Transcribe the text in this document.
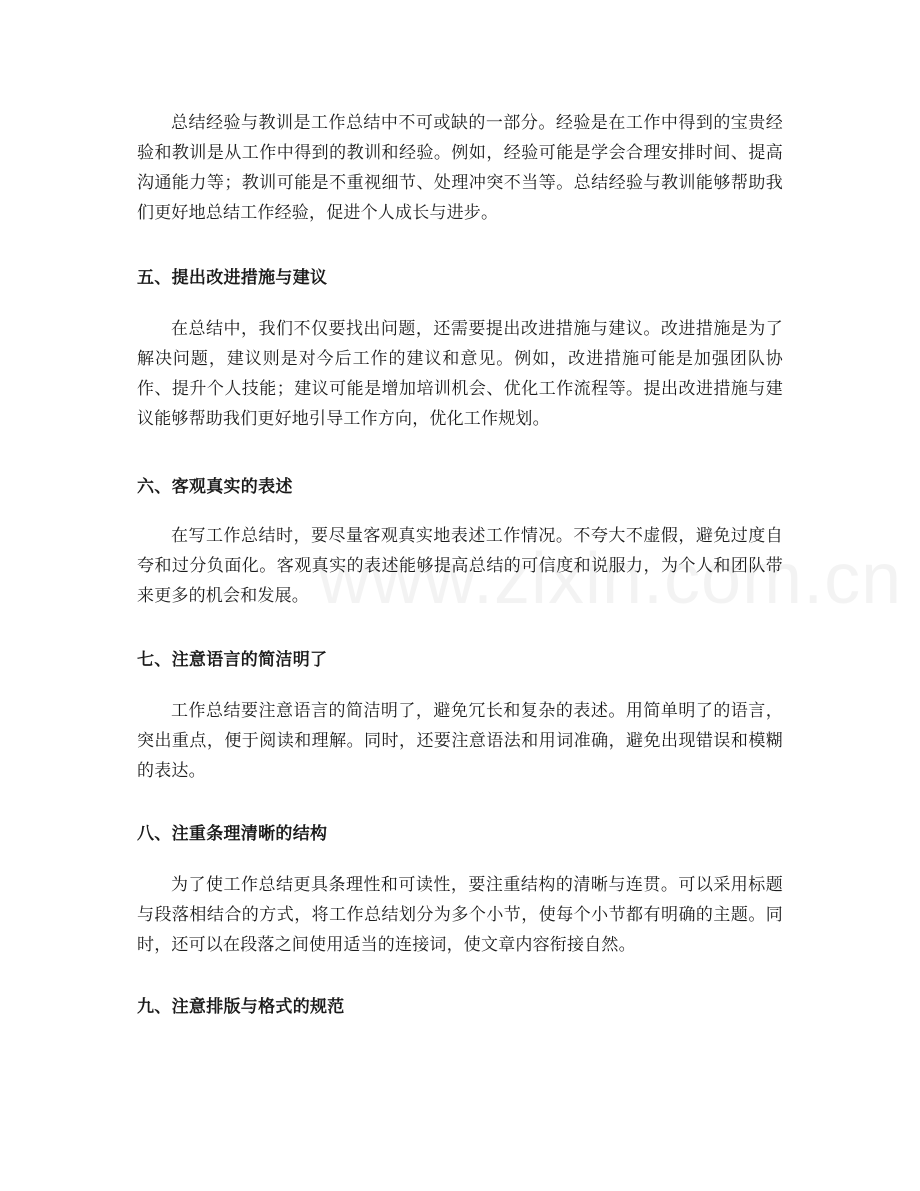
总结经验与教训是工作总结中不可或缺的一部分。经验是在工作中得到的宝贵经验和教训是从工作中得到的教训和经验。例如，经验可能是学会合理安排时间、提高沟通能力等；教训可能是不重视细节、处理冲突不当等。总结经验与教训能够帮助我们更好地总结工作经验，促进个人成长与进步。

五、提出改进措施与建议

在总结中，我们不仅要找出问题，还需要提出改进措施与建议。改进措施是为了解决问题，建议则是对今后工作的建议和意见。例如，改进措施可能是加强团队协作、提升个人技能；建议可能是增加培训机会、优化工作流程等。提出改进措施与建议能够帮助我们更好地引导工作方向，优化工作规划。

六、客观真实的表述

在写工作总结时，要尽量客观真实地表述工作情况。不夸大不虚假，避免过度自夸和过分负面化。客观真实的表述能够提高总结的可信度和说服力，为个人和团队带来更多的机会和发展。

七、注意语言的简洁明了

工作总结要注意语言的简洁明了，避免冗长和复杂的表述。用简单明了的语言，突出重点，便于阅读和理解。同时，还要注意语法和用词准确，避免出现错误和模糊的表达。

八、注重条理清晰的结构

为了使工作总结更具条理性和可读性，要注重结构的清晰与连贯。可以采用标题与段落相结合的方式，将工作总结划分为多个小节，使每个小节都有明确的主题。同时，还可以在段落之间使用适当的连接词，使文章内容衔接自然。

九、注意排版与格式的规范
